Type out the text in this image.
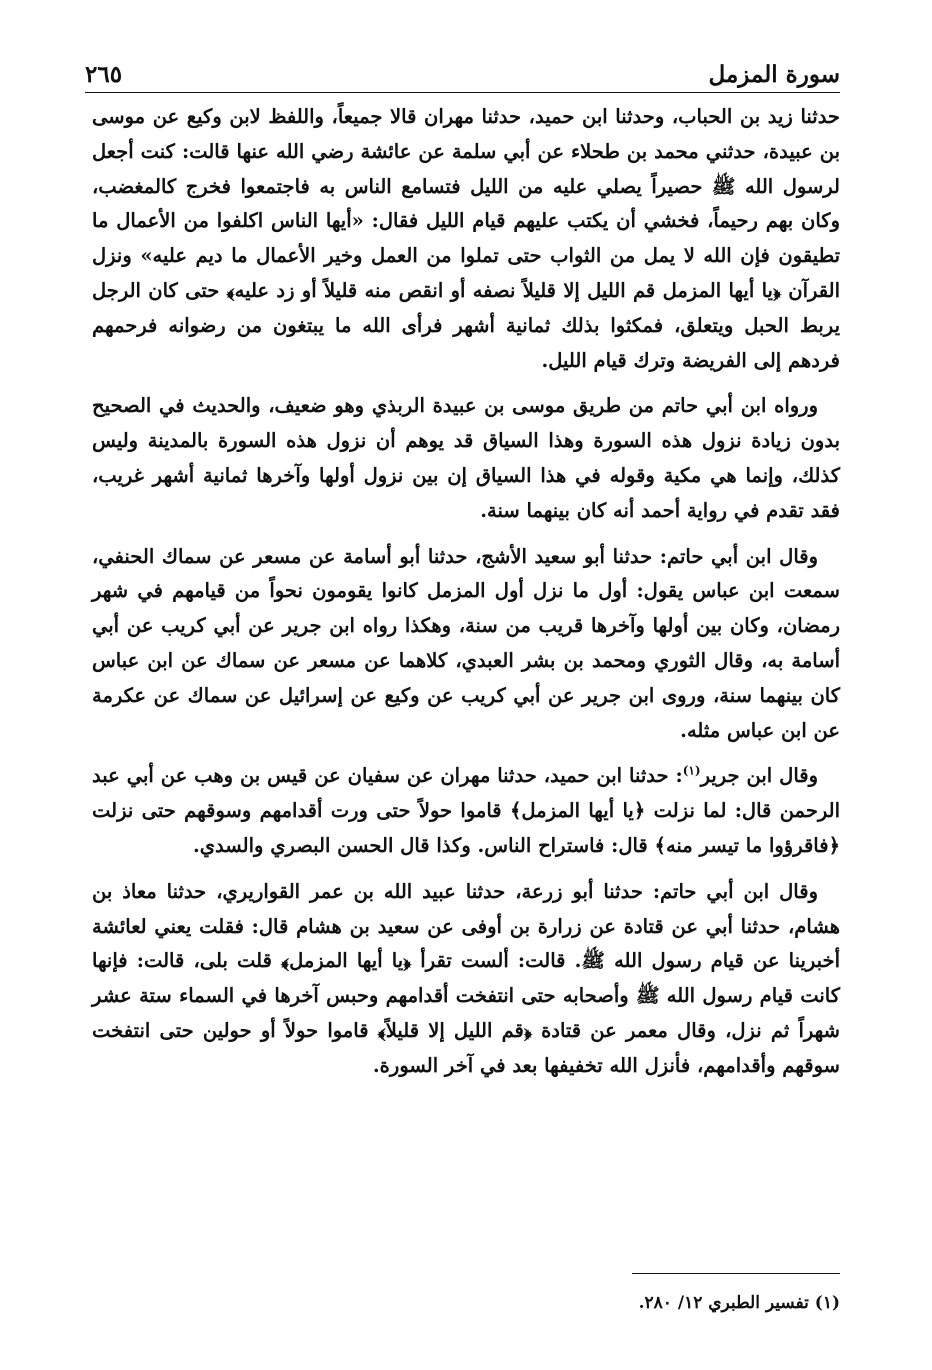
سورة المزمل
٢٦٥

حدثنا زيد بن الحباب، وحدثنا ابن حميد، حدثنا مهران قالا جميعاً، واللفظ لابن وكيع عن موسى بن عبيدة، حدثني محمد بن طحلاء عن أبي سلمة عن عائشة رضي الله عنها قالت: كنت أجعل لرسول الله ﷺ حصيراً يصلي عليه من الليل فتسامع الناس به فاجتمعوا فخرج كالمغضب، وكان بهم رحيماً، فخشي أن يكتب عليهم قيام الليل فقال: «أيها الناس اكلفوا من الأعمال ما تطيقون فإن الله لا يمل من الثواب حتى تملوا من العمل وخير الأعمال ما ديم عليه» ونزل القرآن ﴿يا أيها المزمل قم الليل إلا قليلاً نصفه أو انقص منه قليلاً أو زد عليه﴾ حتى كان الرجل يربط الحبل ويتعلق، فمكثوا بذلك ثمانية أشهر فرأى الله ما يبتغون من رضوانه فرحمهم فردهم إلى الفريضة وترك قيام الليل.

ورواه ابن أبي حاتم من طريق موسى بن عبيدة الربذي وهو ضعيف، والحديث في الصحيح بدون زيادة نزول هذه السورة وهذا السياق قد يوهم أن نزول هذه السورة بالمدينة وليس كذلك، وإنما هي مكية وقوله في هذا السياق إن بين نزول أولها وآخرها ثمانية أشهر غريب، فقد تقدم في رواية أحمد أنه كان بينهما سنة.

وقال ابن أبي حاتم: حدثنا أبو سعيد الأشج، حدثنا أبو أسامة عن مسعر عن سماك الحنفي، سمعت ابن عباس يقول: أول ما نزل أول المزمل كانوا يقومون نحواً من قيامهم في شهر رمضان، وكان بين أولها وآخرها قريب من سنة، وهكذا رواه ابن جرير عن أبي كريب عن أبي أسامة به، وقال الثوري ومحمد بن بشر العبدي، كلاهما عن مسعر عن سماك عن ابن عباس كان بينهما سنة، وروى ابن جرير عن أبي كريب عن وكيع عن إسرائيل عن سماك عن عكرمة عن ابن عباس مثله.

وقال ابن جرير$^{(١)}$: حدثنا ابن حميد، حدثنا مهران عن سفيان عن قيس بن وهب عن أبي عبد الرحمن قال: لما نزلت ﴿يا أيها المزمل﴾ قاموا حولاً حتى ورت أقدامهم وسوقهم حتى نزلت ﴿فاقرؤوا ما تيسر منه﴾ قال: فاستراح الناس. وكذا قال الحسن البصري والسدي.

وقال ابن أبي حاتم: حدثنا أبو زرعة، حدثنا عبيد الله بن عمر القواريري، حدثنا معاذ بن هشام، حدثنا أبي عن قتادة عن زرارة بن أوفى عن سعيد بن هشام قال: فقلت يعني لعائشة أخبرينا عن قيام رسول الله ﷺ. قالت: ألست تقرأ ﴿يا أيها المزمل﴾ قلت بلى، قالت: فإنها كانت قيام رسول الله ﷺ وأصحابه حتى انتفخت أقدامهم وحبس آخرها في السماء ستة عشر شهراً ثم نزل، وقال معمر عن قتادة ﴿قم الليل إلا قليلاً﴾ قاموا حولاً أو حولين حتى انتفخت سوقهم وأقدامهم، فأنزل الله تخفيفها بعد في آخر السورة.

(١) تفسير الطبري ١٢/ ٢٨٠.
